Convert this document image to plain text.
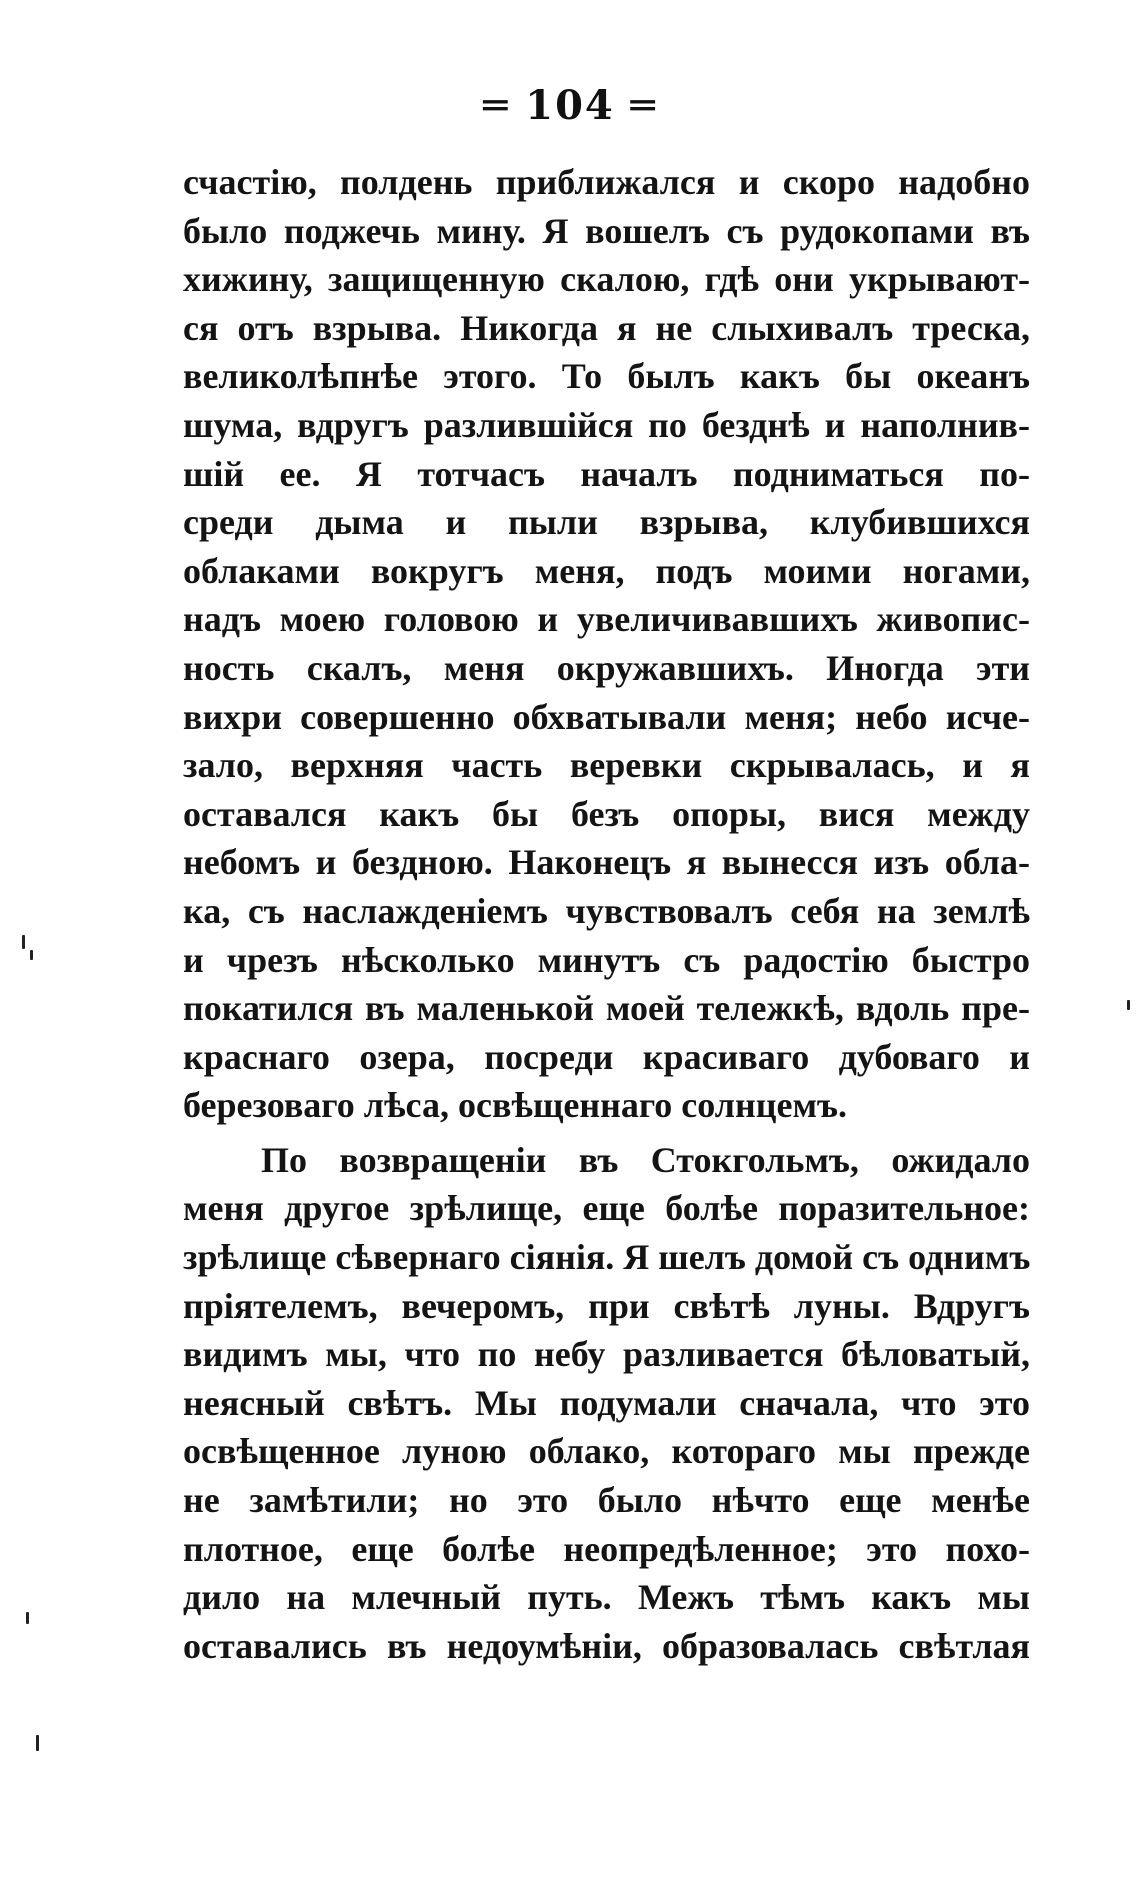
═ 104 ═
счастію, полдень приближался и скоро надобно
было поджечь мину. Я вошелъ съ рудокопами въ
хижину, защищенную скалою, гдѣ они укрывают-
ся отъ взрыва. Никогда я не слыхивалъ треска,
великолѣпнѣе этого. То былъ какъ бы океанъ
шума, вдругъ разлившійся по безднѣ и наполнив-
шій ее. Я тотчасъ началъ подниматься по-
среди дыма и пыли взрыва, клубившихся
облаками вокругъ меня, подъ моими ногами,
надъ моею головою и увеличивавшихъ живопис-
ность скалъ, меня окружавшихъ. Иногда эти
вихри совершенно обхватывали меня; небо исче-
зало, верхняя часть веревки скрывалась, и я
оставался какъ бы безъ опоры, вися между
небомъ и бездною. Наконецъ я вынесся изъ обла-
ка, съ наслажденіемъ чувствовалъ себя на землѣ
и чрезъ нѣсколько минутъ съ радостію быстро
покатился въ маленькой моей тележкѣ, вдоль пре-
краснаго озера, посреди красиваго дубоваго и
березоваго лѣса, освѣщеннаго солнцемъ.
По возвращеніи въ Стокгольмъ, ожидало
меня другое зрѣлище, еще болѣе поразительное:
зрѣлище сѣвернаго сіянія. Я шелъ домой съ однимъ
пріятелемъ, вечеромъ, при свѣтѣ луны. Вдругъ
видимъ мы, что по небу разливается бѣловатый,
неясный свѣтъ. Мы подумали сначала, что это
освѣщенное луною облако, котораго мы прежде
не замѣтили; но это было нѣчто еще менѣе
плотное, еще болѣе неопредѣленное; это похо-
дило на млечный путь. Межъ тѣмъ какъ мы
оставались въ недоумѣніи, образовалась свѣтлая
